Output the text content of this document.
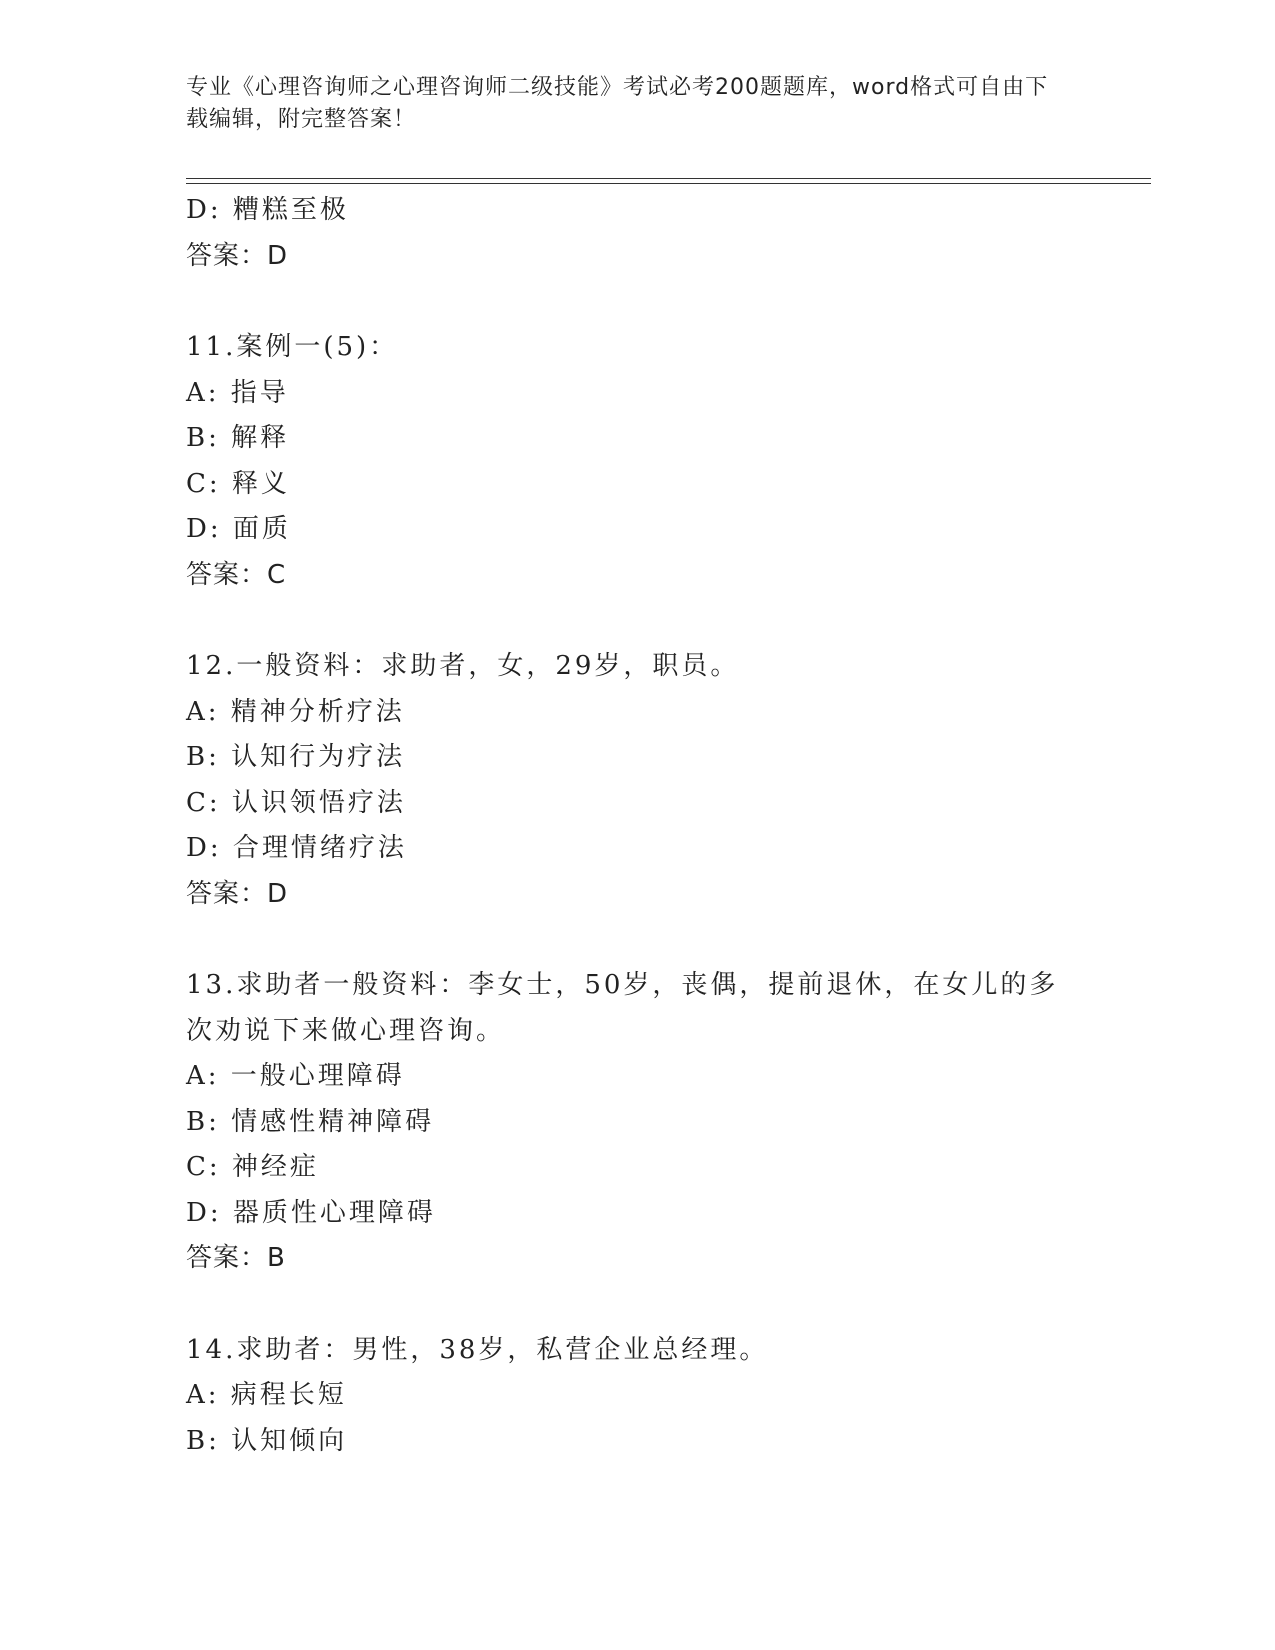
专业《心理咨询师之心理咨询师二级技能》考试必考200题题库，word格式可自由下载编辑，附完整答案！
D: 糟糕至极
答案：D
11.案例一(5)：
A: 指导
B: 解释
C: 释义
D: 面质
答案：C
12.一般资料：求助者，女，29岁，职员。
A: 精神分析疗法
B: 认知行为疗法
C: 认识领悟疗法
D: 合理情绪疗法
答案：D
13.求助者一般资料：李女士，50岁，丧偶，提前退休，在女儿的多次劝说下来做心理咨询。
A: 一般心理障碍
B: 情感性精神障碍
C: 神经症
D: 器质性心理障碍
答案：B
14.求助者：男性，38岁，私营企业总经理。
A: 病程长短
B: 认知倾向
